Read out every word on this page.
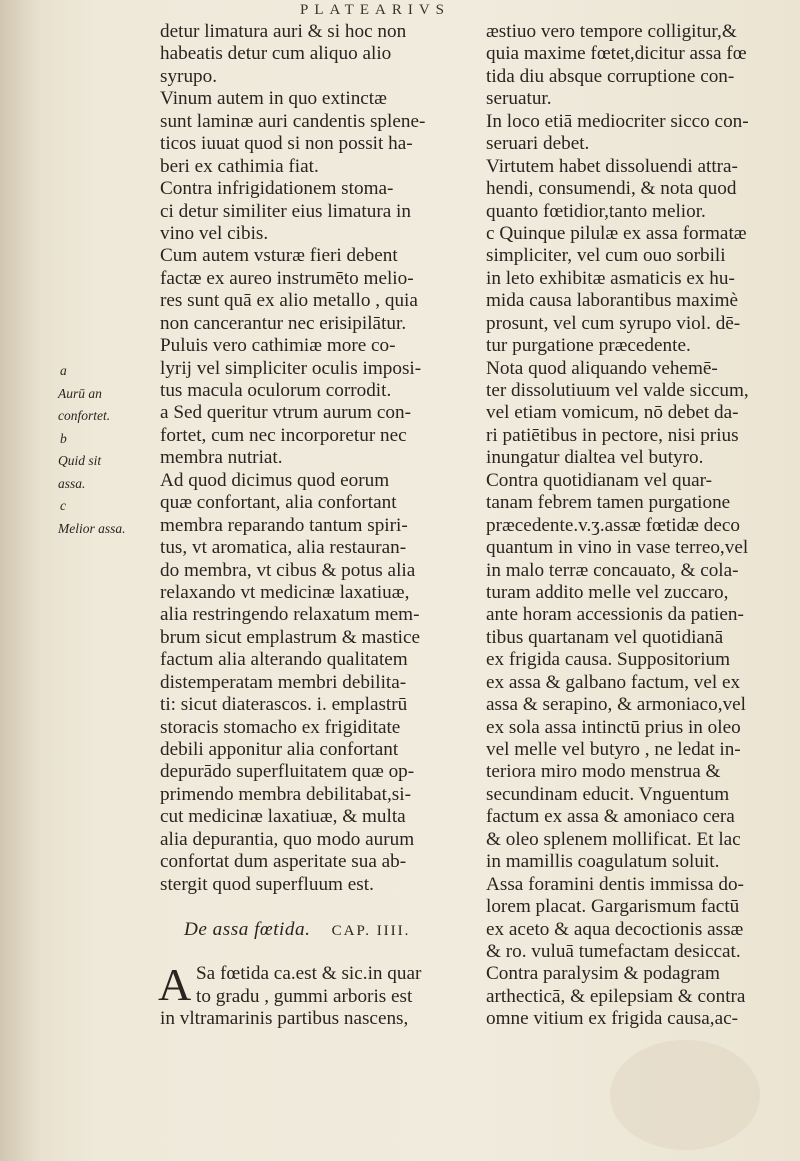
PLATEARIVS
a
Aurū an
confortet.
b
Quid sit
assa.
c
Melior assa.
detur limatura auri & si hoc non
habeatis detur cum aliquo alio
syrupo.
Vinum autem in quo extinctæ
sunt laminæ auri candentis splene-
ticos iuuat quod si non possit ha-
beri ex cathimia fiat.
Contra infrigidationem stoma-
ci detur similiter eius limatura in
vino vel cibis.
Cum autem vsturæ fieri debent
factæ ex aureo instrumēto melio-
res sunt quā ex alio metallo , quia
non cancerantur nec erisipilātur.
Puluis vero cathimiæ more co-
lyrij vel simpliciter oculis imposi-
tus macula oculorum corrodit.
a Sed queritur vtrum aurum con-
fortet, cum nec incorporetur nec
membra nutriat.
Ad quod dicimus quod eorum
quæ confortant, alia confortant
membra reparando tantum spiri-
tus, vt aromatica, alia restauran-
do membra, vt cibus & potus alia
relaxando vt medicinæ laxatiuæ,
alia restringendo relaxatum mem-
brum sicut emplastrum & mastice
factum alia alterando qualitatem
distemperatam membri debilita-
ti: sicut diaterascos. i. emplastrū
storacis stomacho ex frigiditate
debili apponitur alia confortant
depurādo superfluitatem quæ op-
primendo membra debilitabat,si-
cut medicinæ laxatiuæ, & multa
alia depurantia, quo modo aurum
confortat dum asperitate sua ab-
stergit quod superfluum est.
De assa fœtida. CAP. IIII.
A Sa fœtida ca.est & sic.in quar
to gradu , gummi arboris est
in vltramarinis partibus nascens,
æstiuo vero tempore colligitur,&
quia maxime fœtet,dicitur assa fœ
tida diu absque corruptione con-
seruatur.
In loco etiā mediocriter sicco con-
seruari debet.
Virtutem habet dissoluendi attra-
hendi, consumendi, & nota quod
quanto fœtidior,tanto melior.
c Quinque pilulæ ex assa formatæ
simpliciter, vel cum ouo sorbili
in leto exhibitæ asmaticis ex hu-
mida causa laborantibus maximè
prosunt, vel cum syrupo viol. dē-
tur purgatione præcedente.
Nota quod aliquando vehemē-
ter dissolutiuum vel valde siccum,
vel etiam vomicum, nō debet da-
ri patiētibus in pectore, nisi prius
inungatur dialtea vel butyro.
Contra quotidianam vel quar-
tanam febrem tamen purgatione
præcedente.v.ʒ.assæ fœtidæ deco
quantum in vino in vase terreo,vel
in malo terræ concauato, & cola-
turam addito melle vel zuccaro,
ante horam accessionis da patien-
tibus quartanam vel quotidianā
ex frigida causa. Suppositorium
ex assa & galbano factum, vel ex
assa & serapino, & armoniaco,vel
ex sola assa intinctū prius in oleo
vel melle vel butyro , ne ledat in-
teriora miro modo menstrua &
secundinam educit. Vnguentum
factum ex assa & amoniaco cera
& oleo splenem mollificat. Et lac
in mamillis coagulatum soluit.
Assa foramini dentis immissa do-
lorem placat. Gargarismum factū
ex aceto & aqua decoctionis assæ
& ro. vuluā tumefactam desiccat.
Contra paralysim & podagram
arthecticā, & epilepsiam & contra
omne vitium ex frigida causa,ac-
